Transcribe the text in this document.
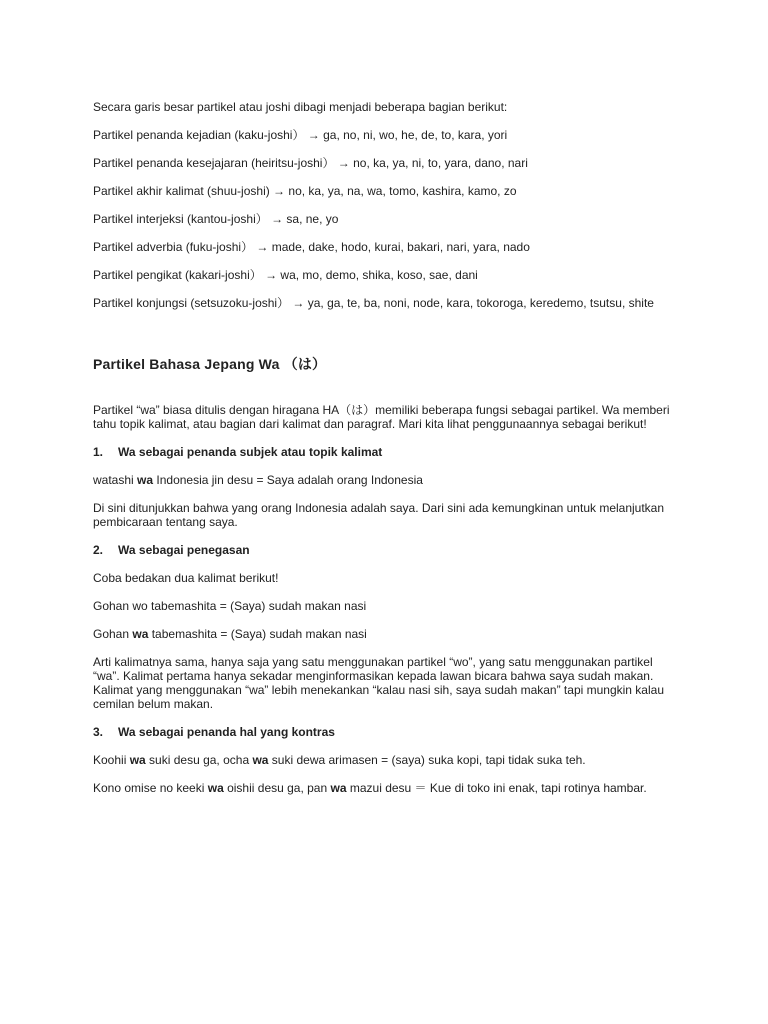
Secara garis besar partikel atau joshi dibagi menjadi beberapa bagian berikut:

Partikel penanda kejadian (kaku-joshi） → ga, no, ni, wo, he, de, to, kara, yori

Partikel penanda kesejajaran (heiritsu-joshi） → no, ka, ya, ni, to, yara, dano, nari

Partikel akhir kalimat (shuu-joshi) → no, ka, ya, na, wa, tomo, kashira, kamo, zo

Partikel interjeksi (kantou-joshi） → sa, ne, yo

Partikel adverbia (fuku-joshi） → made, dake, hodo, kurai, bakari, nari, yara, nado

Partikel pengikat (kakari-joshi） → wa, mo, demo, shika, koso, sae, dani

Partikel konjungsi (setsuzoku-joshi） → ya, ga, te, ba, noni, node, kara, tokoroga, keredemo, tsutsu, shite

Partikel Bahasa Jepang Wa （は）

Partikel “wa” biasa ditulis dengan hiragana HA（は）memiliki beberapa fungsi sebagai partikel. Wa memberi tahu topik kalimat, atau bagian dari kalimat dan paragraf. Mari kita lihat penggunaannya sebagai berikut!

1. Wa sebagai penanda subjek atau topik kalimat

watashi wa Indonesia jin desu = Saya adalah orang Indonesia

Di sini ditunjukkan bahwa yang orang Indonesia adalah saya. Dari sini ada kemungkinan untuk melanjutkan pembicaraan tentang saya.

2. Wa sebagai penegasan

Coba bedakan dua kalimat berikut!

Gohan wo tabemashita = (Saya) sudah makan nasi

Gohan wa tabemashita = (Saya) sudah makan nasi

Arti kalimatnya sama, hanya saja yang satu menggunakan partikel “wo”, yang satu menggunakan partikel “wa”. Kalimat pertama hanya sekadar menginformasikan kepada lawan bicara bahwa saya sudah makan. Kalimat yang menggunakan “wa” lebih menekankan “kalau nasi sih, saya sudah makan” tapi mungkin kalau cemilan belum makan.

3. Wa sebagai penanda hal yang kontras

Koohii wa suki desu ga, ocha wa suki dewa arimasen = (saya) suka kopi, tapi tidak suka teh.

Kono omise no keeki wa oishii desu ga, pan wa mazui desu ＝ Kue di toko ini enak, tapi rotinya hambar.
